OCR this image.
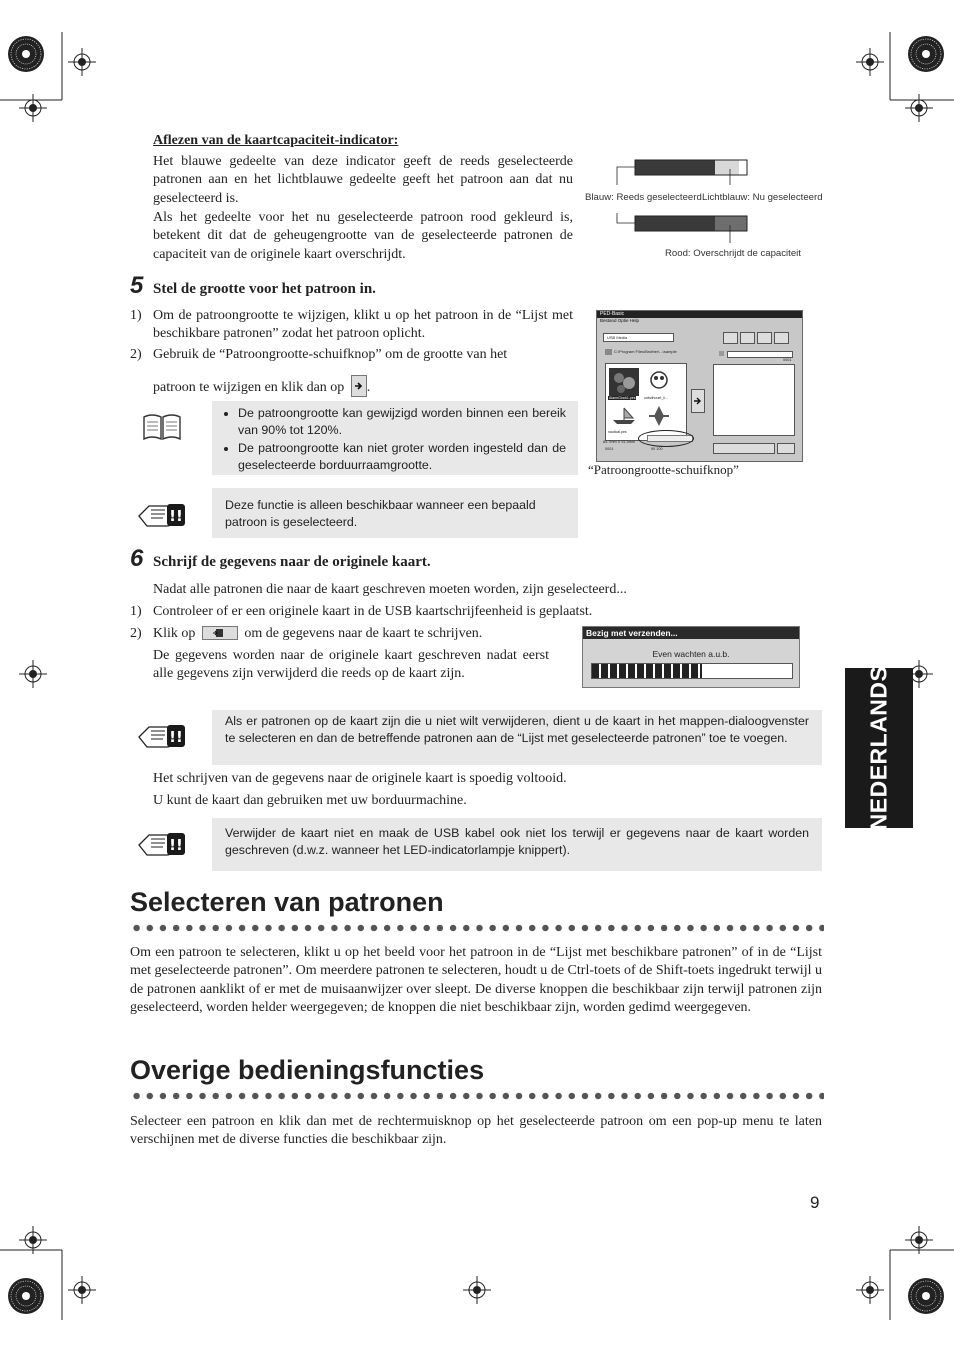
Aflezen van de kaartcapaciteit-indicator:
Het blauwe gedeelte van deze indicator geeft de reeds geselecteerde patronen aan en het lichtblauwe gedeelte geeft het patroon aan dat nu geselecteerd is.
Als het gedeelte voor het nu geselecteerde patroon rood gekleurd is, betekent dit dat de geheugengrootte van de geselecteerde patronen de capaciteit van de originele kaart overschrijdt.
Blauw: Reeds geselecteerd Lichtblauw: Nu geselecteerd
Rood: Overschrijdt de capaciteit
5 Stel de grootte voor het patroon in.
1) Om de patroongrootte te wijzigen, klikt u op het patroon in de “Lijst met beschikbare patronen” zodat het patroon oplicht.
2) Gebruik de “Patroongrootte-schuifknop” om de grootte van het
patroon te wijzigen en klik dan op .
• De patroongrootte kan gewijzigd worden binnen een bereik van 90% tot 120%.
• De patroongrootte kan niet groter worden ingesteld dan de geselecteerde borduurraamgrootte.
!!
Deze functie is alleen beschikbaar wanneer een bepaald patroon is geselecteerd.
PED-Basic
Bestand Optie Help
USB Media
C:\Program Files\Brother\...\sample
AlarmClock1.pes owlsilhouet_li...
nautical.pes
84.7mm X 91.5mm
0001	90 100
0001
“Patroongrootte-schuifknop”
6 Schrijf de gegevens naar de originele kaart.
Nadat alle patronen die naar de kaart geschreven moeten worden, zijn geselecteerd...
1) Controleer of er een originele kaart in de USB kaartschrijfeenheid is geplaatst.
2) Klik op	om de gegevens naar de kaart te schrijven.
De gegevens worden naar de originele kaart geschreven nadat eerst alle gegevens zijn verwijderd die reeds op de kaart zijn.
Bezig met verzenden...
Even wachten a.u.b.
!!
Als er patronen op de kaart zijn die u niet wilt verwijderen, dient u de kaart in het mappen-dialoogvenster te selecteren en dan de betreffende patronen aan de “Lijst met geselecteerde patronen” toe te voegen.
Het schrijven van de gegevens naar de originele kaart is spoedig voltooid.
U kunt de kaart dan gebruiken met uw borduurmachine.
!!
Verwijder de kaart niet en maak de USB kabel ook niet los terwijl er gegevens naar de kaart worden geschreven (d.w.z. wanneer het LED-indicatorlampje knippert).
Selecteren van patronen
Om een patroon te selecteren, klikt u op het beeld voor het patroon in de “Lijst met beschikbare patronen” of in de “Lijst met geselecteerde patronen”. Om meerdere patronen te selecteren, houdt u de Ctrl-toets of de Shift-toets ingedrukt terwijl u de patronen aanklikt of er met de muisaanwijzer over sleept. De diverse knoppen die beschikbaar zijn terwijl patronen zijn geselecteerd, worden helder weergegeven; de knoppen die niet beschikbaar zijn, worden gedimd weergegeven.
Overige bedieningsfuncties
Selecteer een patroon en klik dan met de rechtermuisknop op het geselecteerde patroon om een pop-up menu te laten verschijnen met de diverse functies die beschikbaar zijn.
NEDERLANDS
9
